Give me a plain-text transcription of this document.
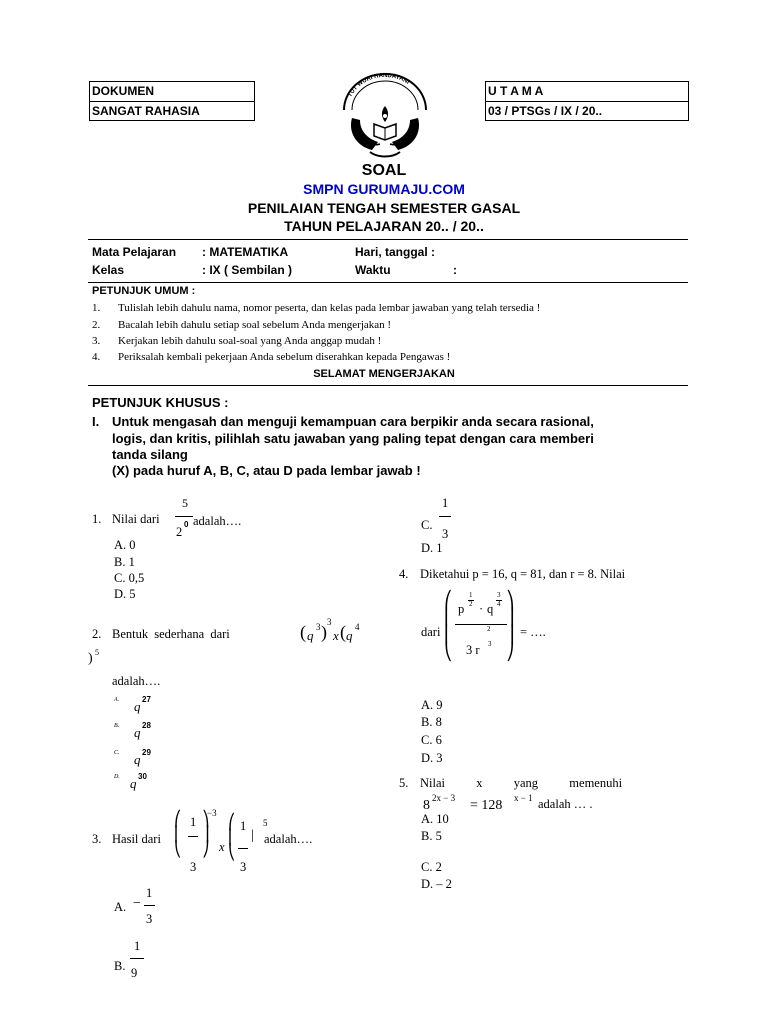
DOKUMEN
SANGAT RAHASIA
U T A M A
03 / PTSGs / IX / 20..
TUT WURI HANDAYANI
SOAL
SMPN GURUMAJU.COM
PENILAIAN TENGAH SEMESTER GASAL
TAHUN PELAJARAN 20.. / 20..
Mata Pelajaran : MATEMATIKA	Hari, tanggal :
Kelas	: IX ( Sembilan )	Waktu	:
PETUNJUK UMUM :
1. Tulislah lebih dahulu nama, nomor peserta, dan kelas pada lembar jawaban yang telah tersedia !
2. Bacalah lebih dahulu setiap soal sebelum Anda mengerjakan !
3. Kerjakan lebih dahulu soal-soal yang Anda anggap mudah !
4. Periksalah kembali pekerjaan Anda sebelum diserahkan kepada Pengawas !
SELAMAT MENGERJAKAN
PETUNJUK KHUSUS :
I. Untuk mengasah dan menguji kemampuan cara berpikir anda secara rasional,
logis, dan kritis, pilihlah satu jawaban yang paling tepat dengan cara memberi
tanda silang
(X) pada huruf A, B, C, atau D pada lembar jawab !
1. Nilai dari
5
2
0 adalah….
A. 0
B. 1
C. 0,5
D. 5
2. Bentuk sederhana dari	( q
3 ) 3
x ( q
4
) 5
adalah….
A. q 27
B. q 28
C. q 29
D. q 30
3. Hasil dari
⎛
⎜
⎝
1
3
⎞
⎟
⎠
−3
x
⎛
⎜
⎝
1
3
|
5
adalah….
A. −
1
3
B.
1
9
C.
1
3
D. 1
4. Diketahui p = 16, q = 81, dan r = 8. Nilai
dari
⎛
⎜
⎜
⎝
p
1
2 · q
3
4
2
3 r 3
⎞
⎟
⎟
⎠
= ….
A. 9
B. 8
C. 6
D. 3
5. Nilai          x          yang          memenuhi
8 2x − 3 = 128 x − 1 adalah … .
A. 10
B. 5
C. 2
D. – 2
